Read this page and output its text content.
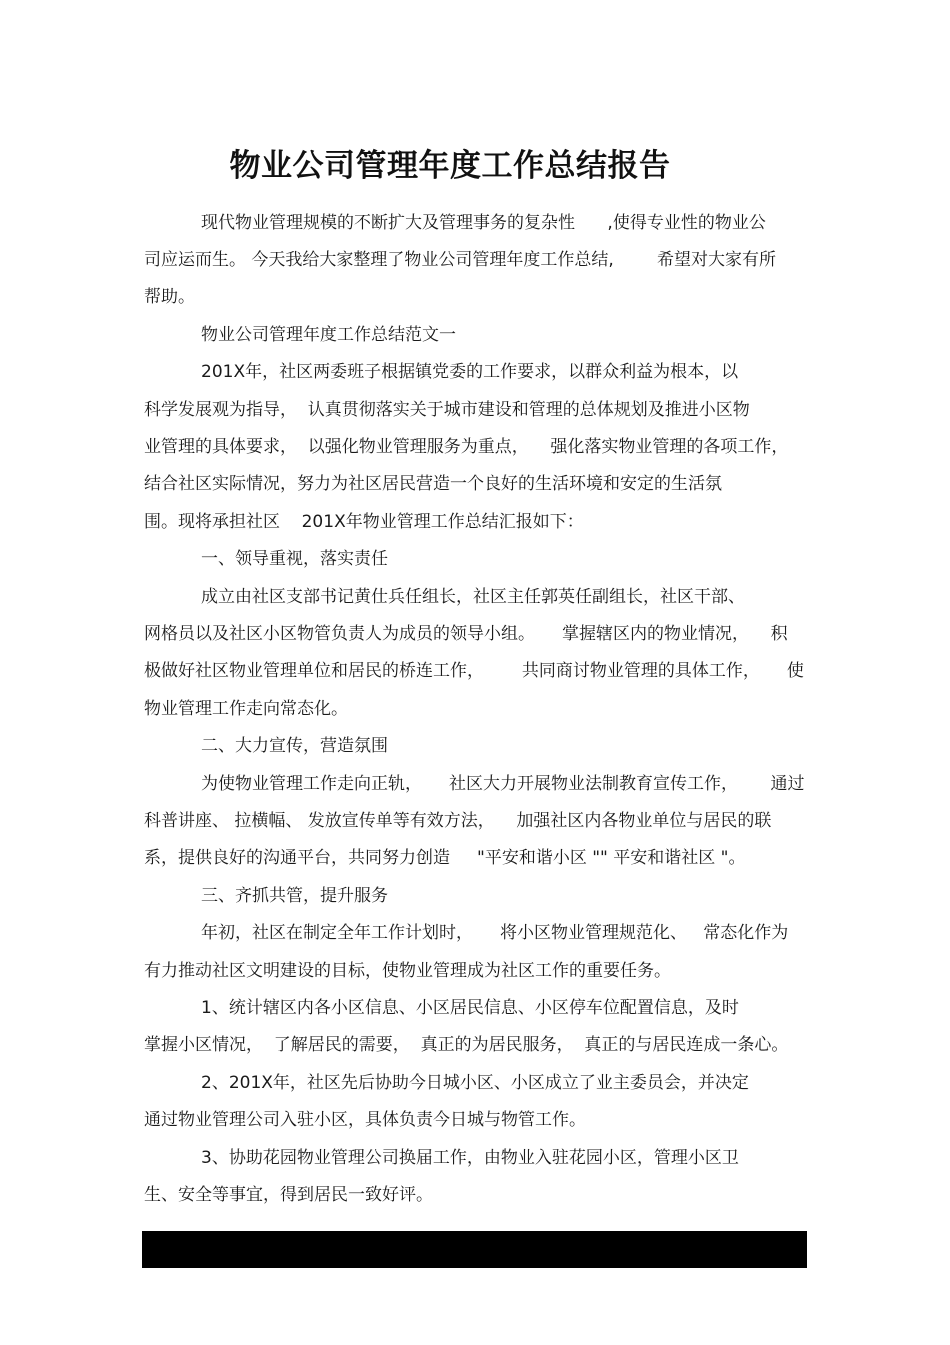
物业公司管理年度工作总结报告
现代物业管理规模的不断扩大及管理事务的复杂性      ,使得专业性的物业公
司应运而生。 今天我给大家整理了物业公司管理年度工作总结,        希望对大家有所
帮助。
物业公司管理年度工作总结范文一
201X年，社区两委班子根据镇党委的工作要求，以群众利益为根本，以
科学发展观为指导，  认真贯彻落实关于城市建设和管理的总体规划及推进小区物
业管理的具体要求，  以强化物业管理服务为重点，    强化落实物业管理的各项工作，
结合社区实际情况，努力为社区居民营造一个良好的生活环境和安定的生活氛
围。现将承担社区    201X年物业管理工作总结汇报如下：
一、领导重视，落实责任
成立由社区支部书记黄仕兵任组长，社区主任郭英任副组长，社区干部、
网格员以及社区小区物管负责人为成员的领导小组。     掌握辖区内的物业情况，    积
极做好社区物业管理单位和居民的桥连工作，       共同商讨物业管理的具体工作，     使
物业管理工作走向常态化。
二、大力宣传，营造氛围
为使物业管理工作走向正轨，     社区大力开展物业法制教育宣传工作，      通过
科普讲座、 拉横幅、 发放宣传单等有效方法，    加强社区内各物业单位与居民的联
系，提供良好的沟通平台，共同努力创造     "平安和谐小区 "" 平安和谐社区 "。
三、齐抓共管，提升服务
年初，社区在制定全年工作计划时，     将小区物业管理规范化、   常态化作为
有力推动社区文明建设的目标，使物业管理成为社区工作的重要任务。
1、统计辖区内各小区信息、小区居民信息、小区停车位配置信息，及时
掌握小区情况，  了解居民的需要，  真正的为居民服务，  真正的与居民连成一条心。
2、201X年，社区先后协助今日城小区、小区成立了业主委员会，并决定
通过物业管理公司入驻小区，具体负责今日城与物管工作。
3、协助花园物业管理公司换届工作，由物业入驻花园小区，管理小区卫
生、安全等事宜，得到居民一致好评。
